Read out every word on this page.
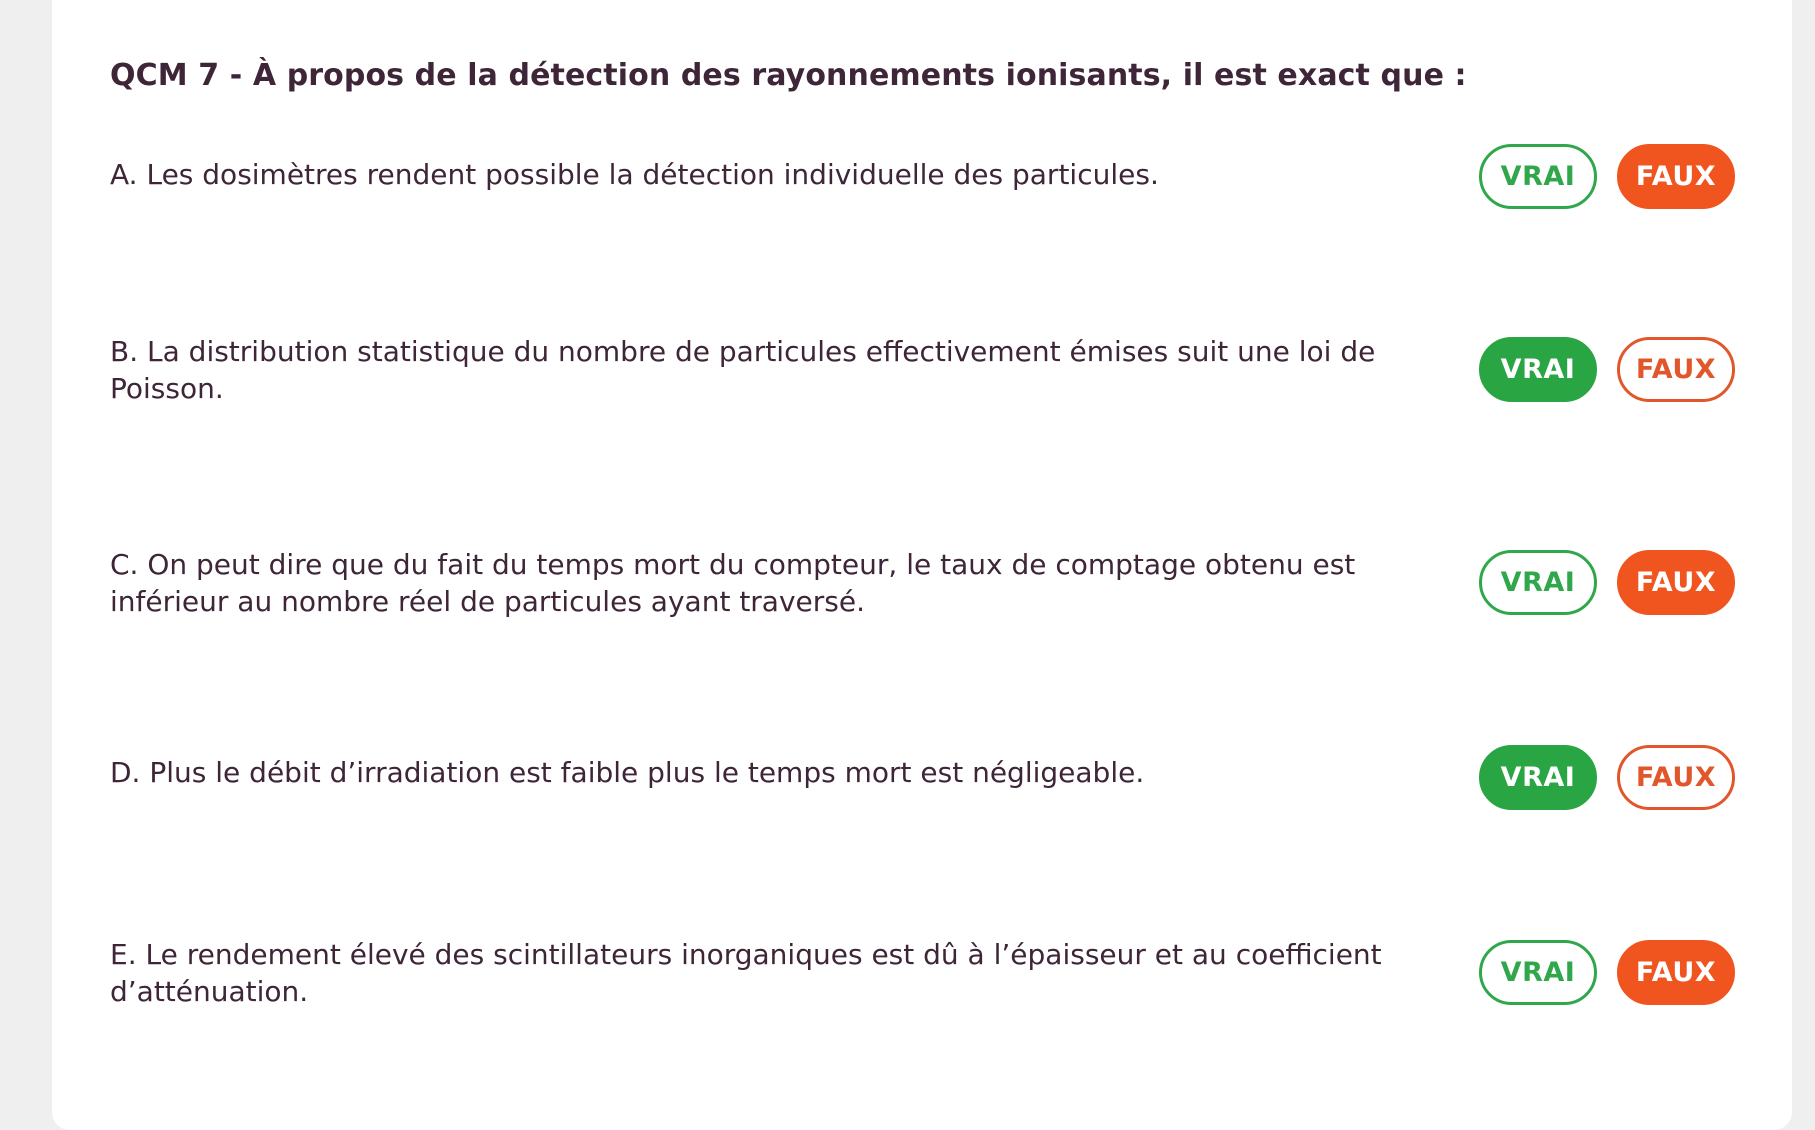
QCM 7 - À propos de la détection des rayonnements ionisants, il est exact que :

A. Les dosimètres rendent possible la détection individuelle des particules.	VRAI	FAUX

B. La distribution statistique du nombre de particules effectivement émises suit une loi de Poisson.

VRAI	FAUX

C. On peut dire que du fait du temps mort du compteur, le taux de comptage obtenu est inférieur au nombre réel de particules ayant traversé.

VRAI	FAUX

D. Plus le débit d’irradiation est faible plus le temps mort est négligeable.	VRAI	FAUX

E. Le rendement élevé des scintillateurs inorganiques est dû à l’épaisseur et au coefficient d’atténuation.

VRAI	FAUX
